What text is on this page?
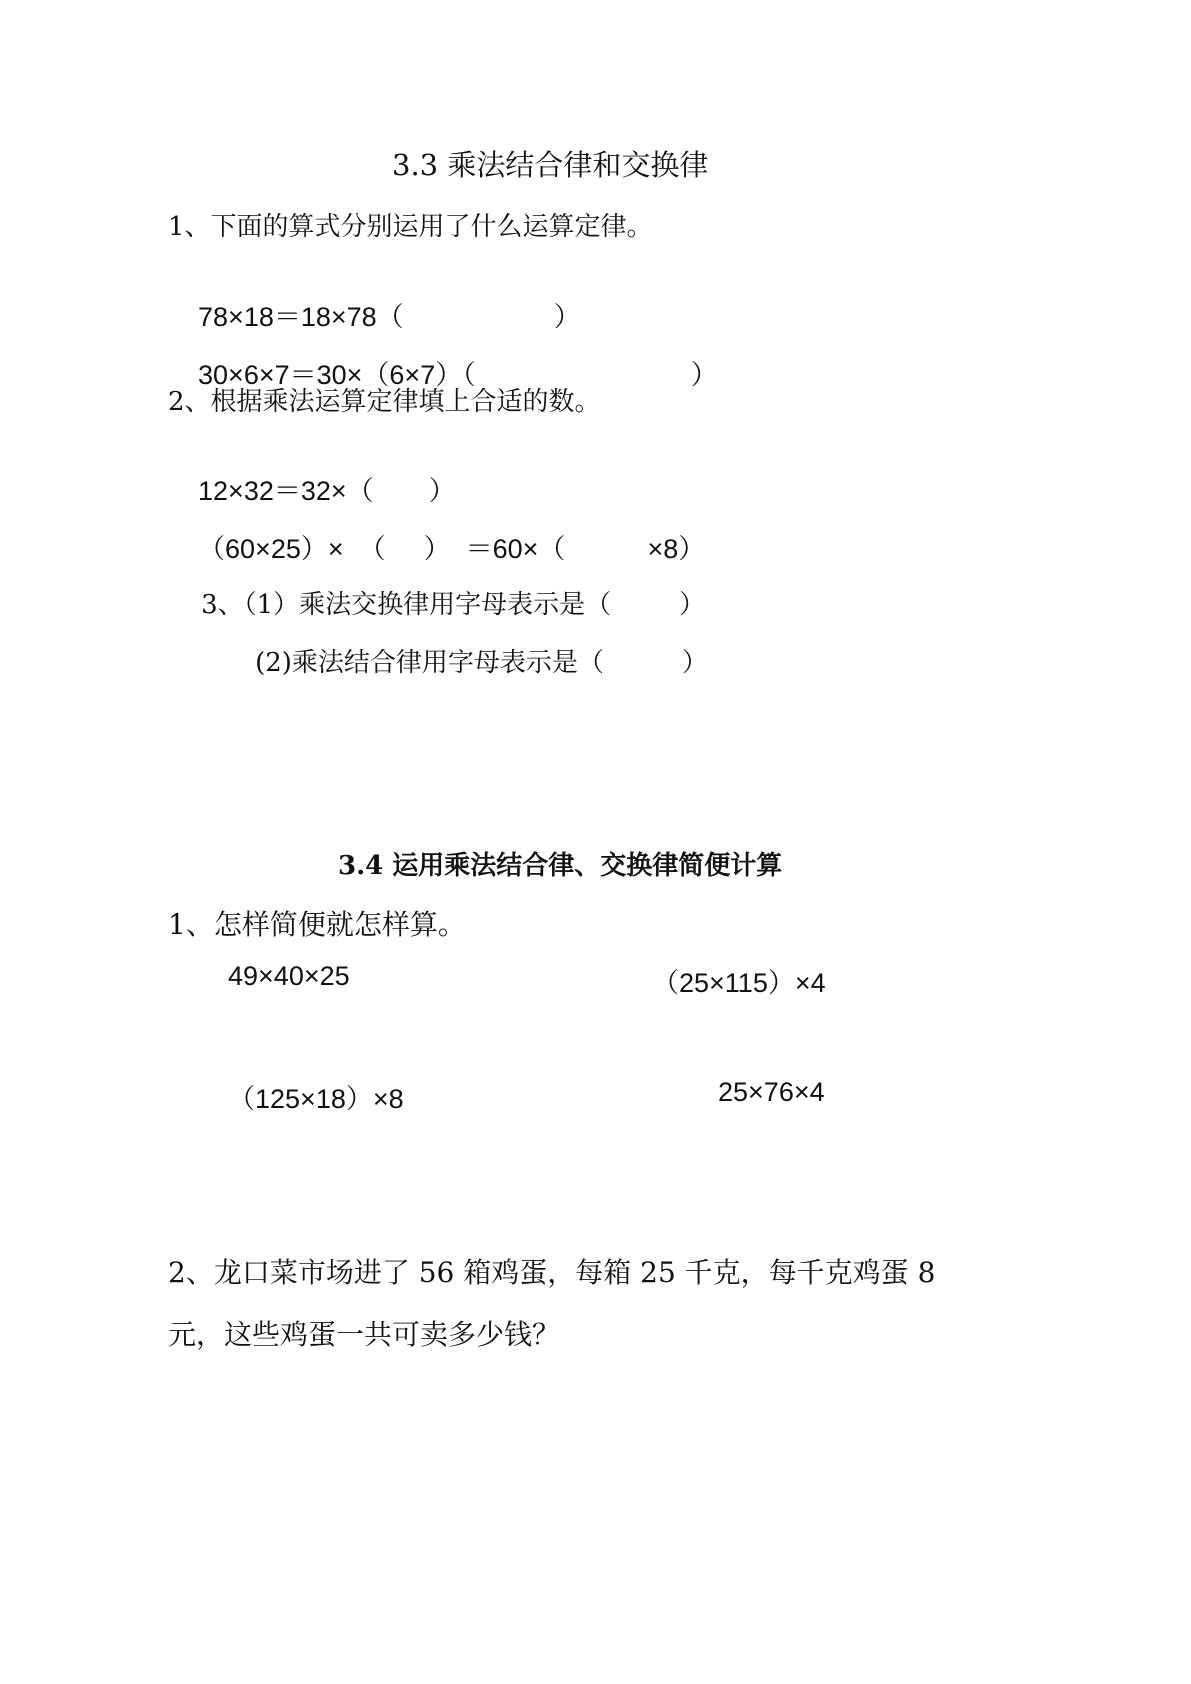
3.3 乘法结合律和交换律
1、下面的算式分别运用了什么运算定律。

78×18＝18×78（	）

30×6×7＝30×（6×7）（	）

2、根据乘法运算定律填上合适的数。

12×32＝32×（ ）

（60×25）×  （ ）  ＝60×（	×8）

3、（1）乘法交换律用字母表示是（	）

(2)乘法结合律用字母表示是（	）

3.4 运用乘法结合律、交换律简便计算
1、怎样简便就怎样算。
49×40×25	（25×115）×4
（125×18）×8	25×76×4
2、龙口菜市场进了 56 箱鸡蛋，每箱 25 千克，每千克鸡蛋 8
元，这些鸡蛋一共可卖多少钱？
